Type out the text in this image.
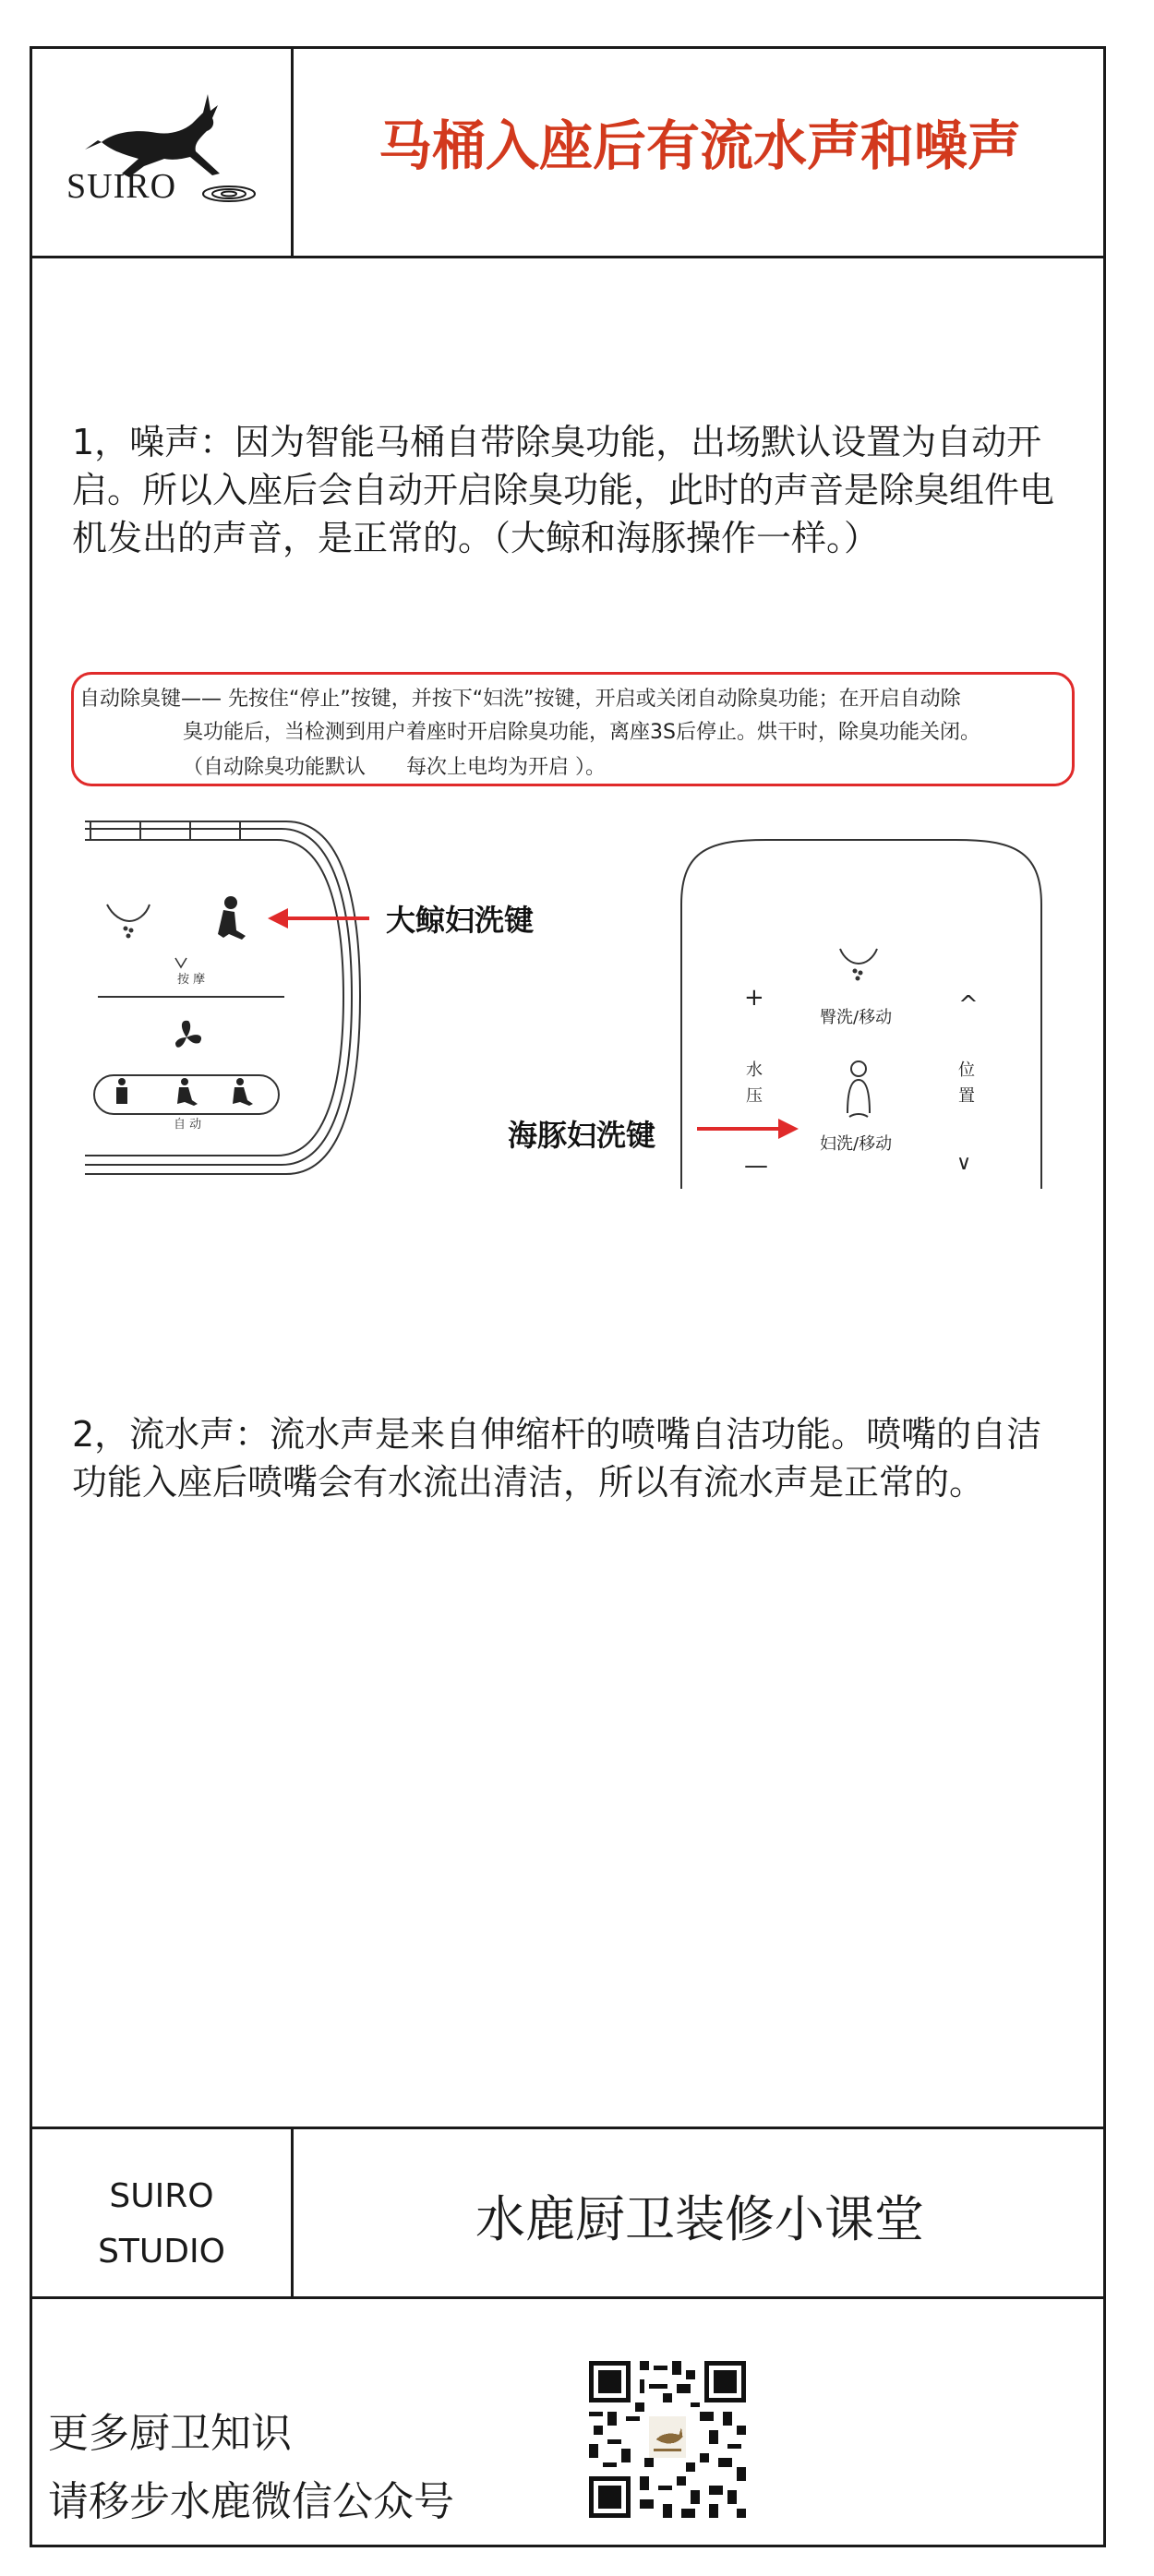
SUIRO
马桶入座后有流水声和噪声
1，噪声：因为智能马桶自带除臭功能，出场默认设置为自动开启。所以入座后会自动开启除臭功能，此时的声音是除臭组件电机发出的声音，是正常的。（大鲸和海豚操作一样。）
自动除臭键—— 先按住“停止”按键，并按下“妇洗”按键，开启或关闭自动除臭功能；在开启自动除
臭功能后，当检测到用户着座时开启除臭功能，离座3S后停止。烘干时，除臭功能关闭。
（自动除臭功能默认　　每次上电均为开启 ）。
大鲸妇洗键
海豚妇洗键
按 摩
自 动
臀洗/移动
妇洗/移动
水压
位置
+
—
^
∨
2，流水声：流水声是来自伸缩杆的喷嘴自洁功能。喷嘴的自洁功能入座后喷嘴会有水流出清洁，所以有流水声是正常的。
SUIRO
STUDIO
水鹿厨卫装修小课堂
更多厨卫知识
请移步水鹿微信公众号
